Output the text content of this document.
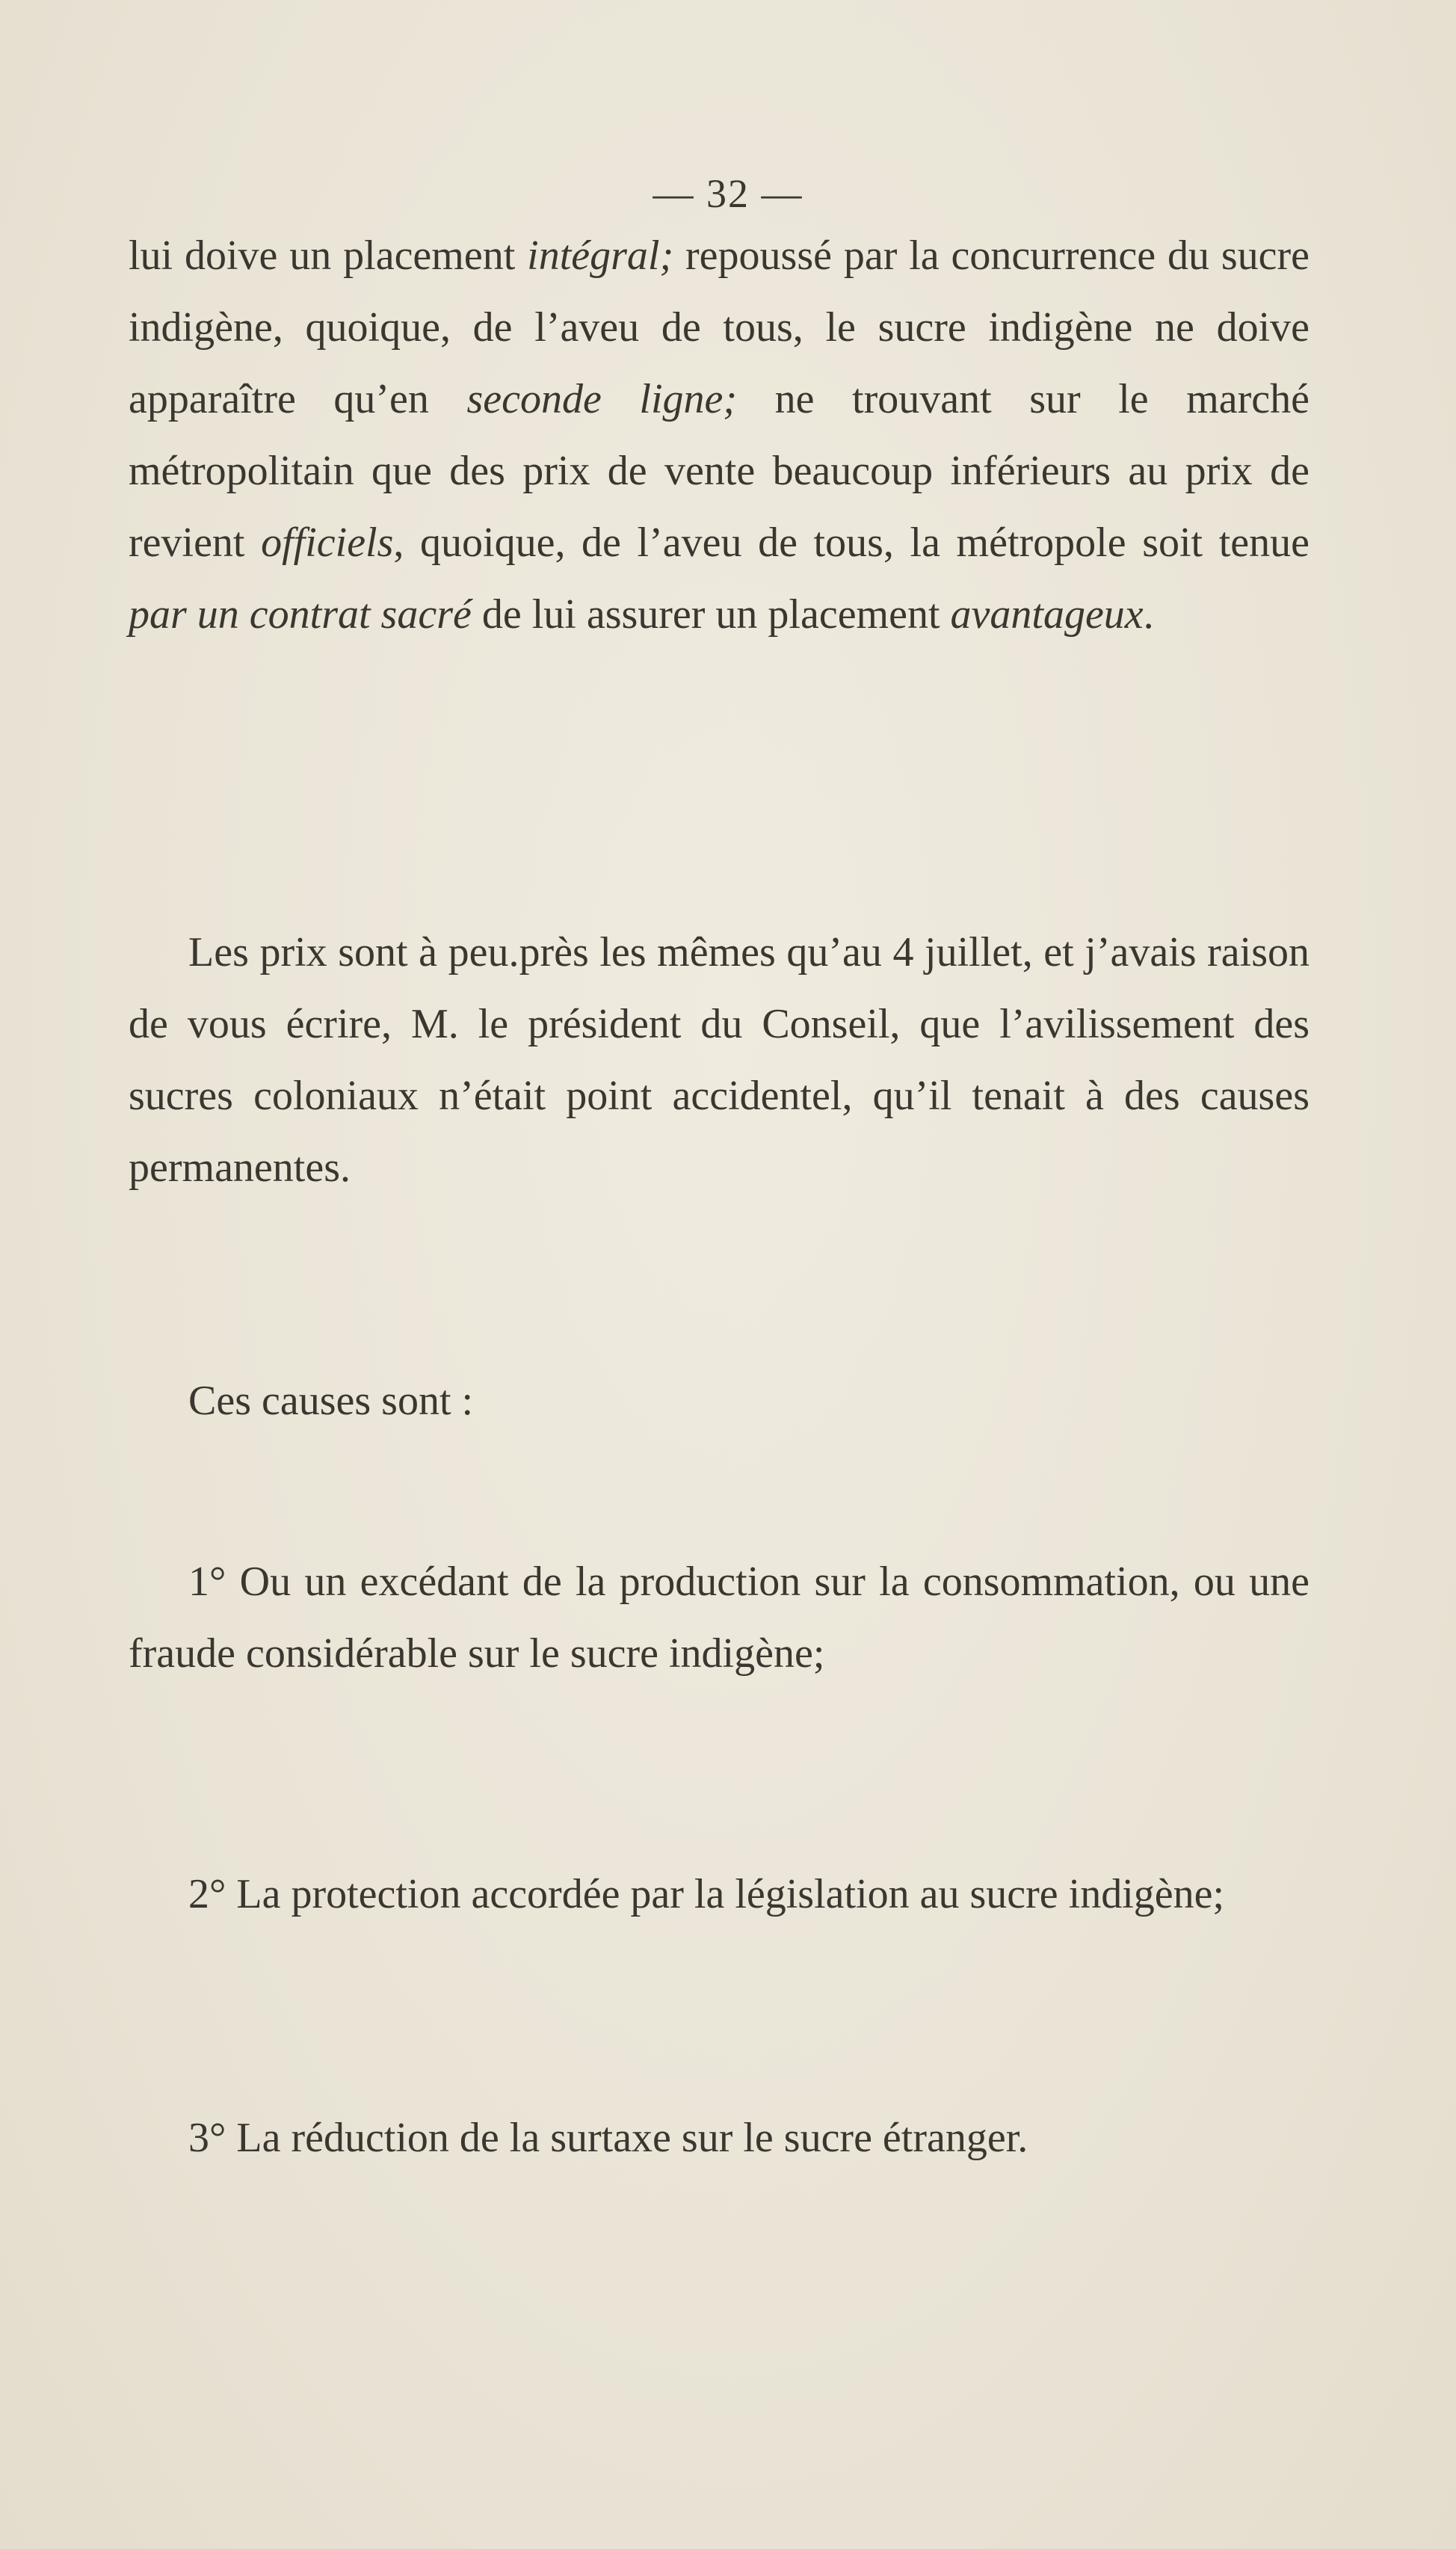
— 32 —

lui doive un placement intégral; repoussé par la concurrence du sucre indigène, quoique, de l’aveu de tous, le sucre indigène ne doive apparaître qu’en seconde ligne; ne trouvant sur le marché métropolitain que des prix de vente beaucoup inférieurs au prix de revient officiels, quoique, de l’aveu de tous, la métropole soit tenue par un contrat sacré de lui assurer un placement avantageux.

Les prix sont à peu.près les mêmes qu’au 4 juillet, et j’avais raison de vous écrire, M. le président du Conseil, que l’avilissement des sucres coloniaux n’était point accidentel, qu’il tenait à des causes permanentes.

Ces causes sont :

1° Ou un excédant de la production sur la consommation, ou une fraude considérable sur le sucre indigène;

2° La protection accordée par la législation au sucre indigène;

3° La réduction de la surtaxe sur le sucre étranger.
